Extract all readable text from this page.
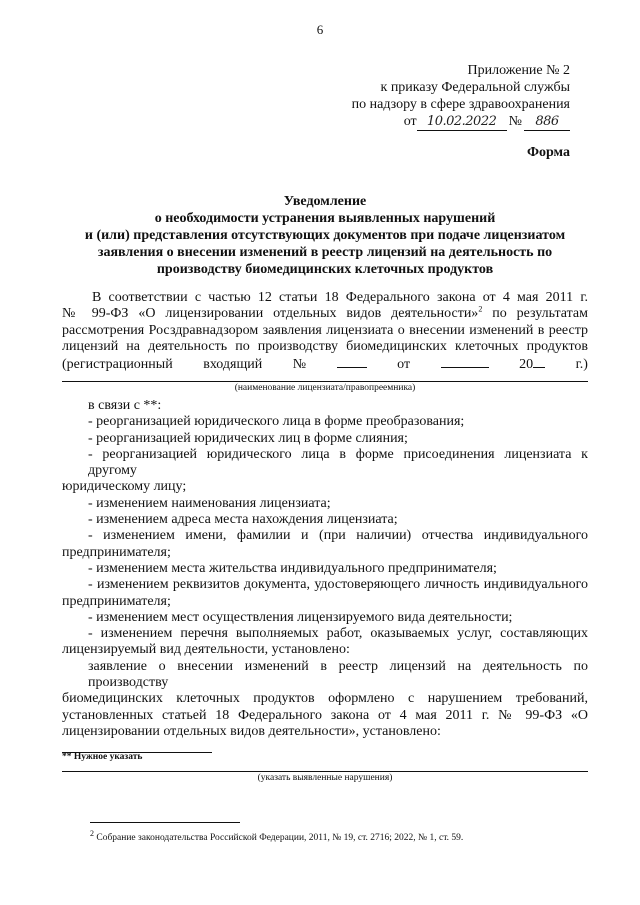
6
Приложение № 2
к приказу Федеральной службы
по надзору в сфере здравоохранения
от 10.02.2022 №	886
Форма
Уведомление
о необходимости устранения выявленных нарушений
и (или) представления отсутствующих документов при подаче лицензиатом
заявления о внесении изменений в реестр лицензий на деятельность по
производству биомедицинских клеточных продуктов
В соответствии с частью 12 статьи 18 Федерального закона от 4 мая 2011 г.
№ 99-ФЗ «О лицензировании отдельных видов деятельности»$^2$ по результатам
рассмотрения Росздравнадзором заявления лицензиата о внесении изменений в реестр
лицензий на деятельность по производству биомедицинских клеточных продуктов
(регистрационный входящий №	от	20	г.)
(наименование лицензиата/правопреемника)
в связи с **:
- реорганизацией юридического лица в форме преобразования;
- реорганизацией юридических лиц в форме слияния;
- реорганизацией юридического лица в форме присоединения лицензиата к другому
юридическому лицу;
- изменением наименования лицензиата;
- изменением адреса места нахождения лицензиата;
- изменением имени, фамилии и (при наличии) отчества индивидуального
предпринимателя;
- изменением места жительства индивидуального предпринимателя;
- изменением реквизитов документа, удостоверяющего личность индивидуального
предпринимателя;
- изменением мест осуществления лицензируемого вида деятельности;
- изменением перечня выполняемых работ, оказываемых услуг, составляющих
лицензируемый вид деятельности, установлено:
заявление о внесении изменений в реестр лицензий на деятельность по производству
биомедицинских клеточных продуктов оформлено с нарушением требований,
установленных статьей 18 Федерального закона от 4 мая 2011 г. № 99-ФЗ «О
лицензировании отдельных видов деятельности», установлено:
(указать выявленные нарушения)
** Нужное указать
$^2$ Собрание законодательства Российской Федерации, 2011, № 19, ст. 2716; 2022, № 1, ст. 59.
